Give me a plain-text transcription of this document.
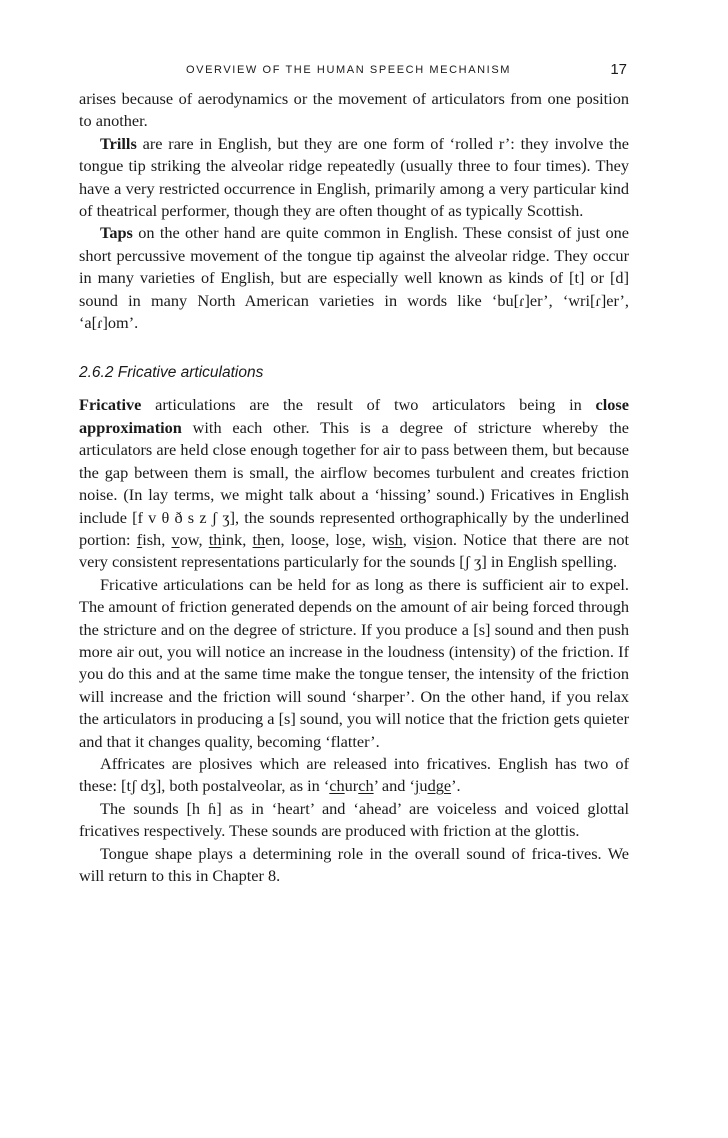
OVERVIEW OF THE HUMAN SPEECH MECHANISM	17

arises because of aerodynamics or the movement of articulators from one position to another.

Trills are rare in English, but they are one form of ‘rolled r’: they involve the tongue tip striking the alveolar ridge repeatedly (usually three to four times). They have a very restricted occurrence in English, primarily among a very particular kind of theatrical performer, though they are often thought of as typically Scottish.

Taps on the other hand are quite common in English. These consist of just one short percussive movement of the tongue tip against the alveolar ridge. They occur in many varieties of English, but are especially well known as kinds of [t] or [d] sound in many North American varieties in words like ‘bu[ɾ]er’, ‘wri[ɾ]er’, ‘a[ɾ]om’.

2.6.2 Fricative articulations

Fricative articulations are the result of two articulators being in close approximation with each other. This is a degree of stricture whereby the articulators are held close enough together for air to pass between them, but because the gap between them is small, the airflow becomes turbulent and creates friction noise. (In lay terms, we might talk about a ‘hissing’ sound.) Fricatives in English include [f v θ ð s z ʃ ʒ], the sounds represented orthographically by the underlined portion: fish, vow, think, then, loose, lose, wish, vision. Notice that there are not very consistent representations particularly for the sounds [ʃ ʒ] in English spelling.

Fricative articulations can be held for as long as there is sufficient air to expel. The amount of friction generated depends on the amount of air being forced through the stricture and on the degree of stricture. If you produce a [s] sound and then push more air out, you will notice an increase in the loudness (intensity) of the friction. If you do this and at the same time make the tongue tenser, the intensity of the friction will increase and the friction will sound ‘sharper’. On the other hand, if you relax the articulators in producing a [s] sound, you will notice that the friction gets quieter and that it changes quality, becoming ‘flatter’.

Affricates are plosives which are released into fricatives. English has two of these: [tʃ dʒ], both postalveolar, as in ‘church’ and ‘judge’.

The sounds [h ɦ] as in ‘heart’ and ‘ahead’ are voiceless and voiced glottal fricatives respectively. These sounds are produced with friction at the glottis.

Tongue shape plays a determining role in the overall sound of frica-tives. We will return to this in Chapter 8.
